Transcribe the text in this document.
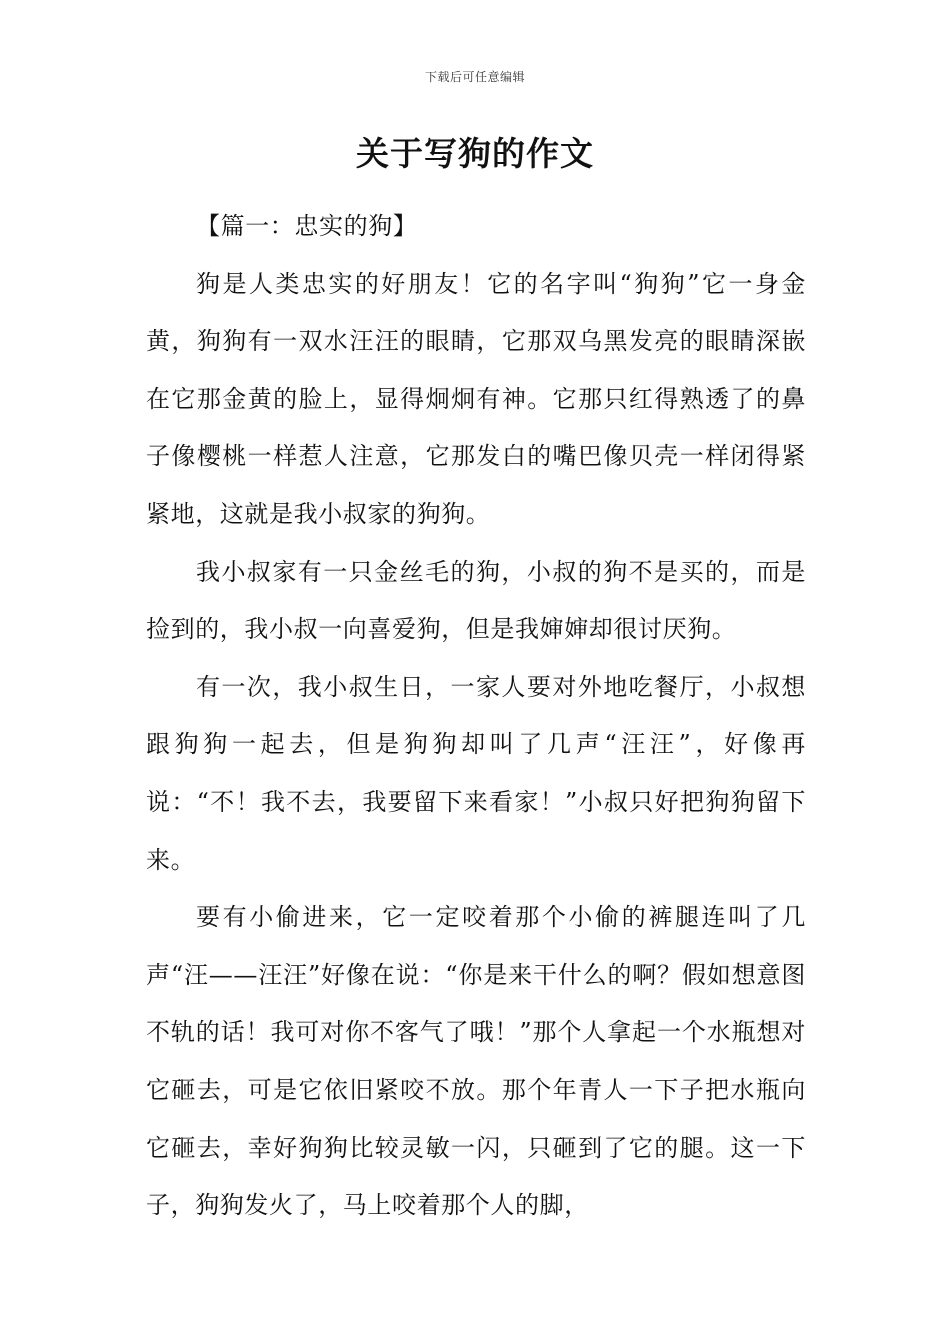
下载后可任意编辑
关于写狗的作文

【篇一：忠实的狗】

狗是人类忠实的好朋友！它的名字叫“狗狗”它一身金黄，狗狗有一双水汪汪的眼睛，它那双乌黑发亮的眼睛深嵌在它那金黄的脸上，显得炯炯有神。它那只红得熟透了的鼻子像樱桃一样惹人注意，它那发白的嘴巴像贝壳一样闭得紧紧地，这就是我小叔家的狗狗。

我小叔家有一只金丝毛的狗，小叔的狗不是买的，而是捡到的，我小叔一向喜爱狗，但是我婶婶却很讨厌狗。

有一次，我小叔生日，一家人要对外地吃餐厅，小叔想跟狗狗一起去，但是狗狗却叫了几声“汪汪”，好像再说：“不！我不去，我要留下来看家！”小叔只好把狗狗留下来。

要有小偷进来，它一定咬着那个小偷的裤腿连叫了几声“汪——汪汪”好像在说：“你是来干什么的啊？假如想意图不轨的话！我可对你不客气了哦！”那个人拿起一个水瓶想对它砸去，可是它依旧紧咬不放。那个年青人一下子把水瓶向它砸去，幸好狗狗比较灵敏一闪，只砸到了它的腿。这一下子，狗狗发火了，马上咬着那个人的脚，
